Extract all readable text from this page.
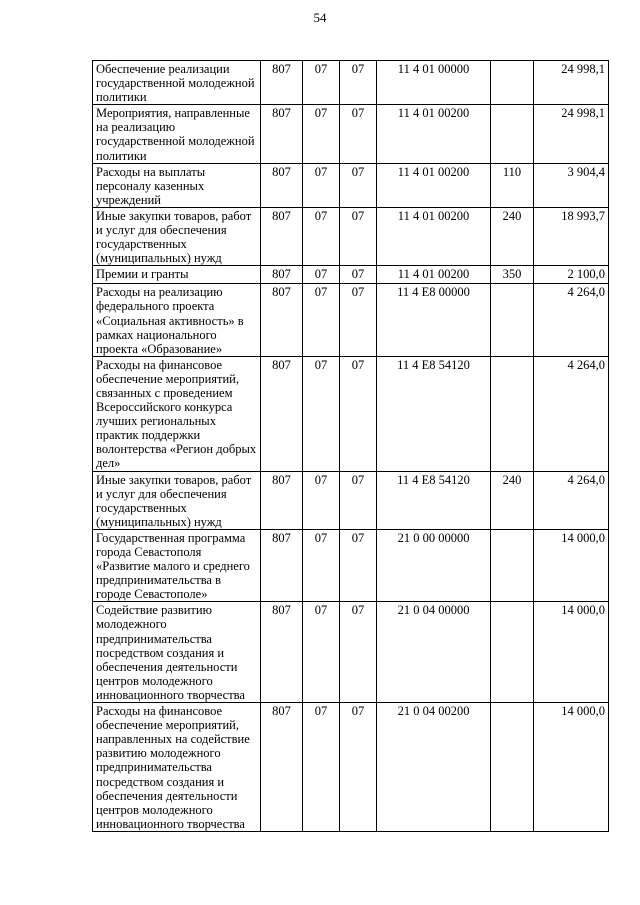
54
Обеспечение реализации государственной молодежной политики	807	07	07	11 4 01 00000		24 998,1
Мероприятия, направленные на реализацию государственной молодежной политики	807	07	07	11 4 01 00200		24 998,1
Расходы на выплаты персоналу казенных учреждений	807	07	07	11 4 01 00200	110	3 904,4
Иные закупки товаров, работ и услуг для обеспечения государственных (муниципальных) нужд	807	07	07	11 4 01 00200	240	18 993,7
Премии и гранты	807	07	07	11 4 01 00200	350	2 100,0
Расходы на реализацию федерального проекта «Социальная активность» в рамках национального проекта «Образование»	807	07	07	11 4 E8 00000		4 264,0
Расходы на финансовое обеспечение мероприятий, связанных с проведением Всероссийского конкурса лучших региональных практик поддержки волонтерства «Регион добрых дел»	807	07	07	11 4 E8 54120		4 264,0
Иные закупки товаров, работ и услуг для обеспечения государственных (муниципальных) нужд	807	07	07	11 4 E8 54120	240	4 264,0
Государственная программа города Севастополя «Развитие малого и среднего предпринимательства в городе Севастополе»	807	07	07	21 0 00 00000		14 000,0
Содействие развитию молодежного предпринимательства посредством создания и обеспечения деятельности центров молодежного инновационного творчества	807	07	07	21 0 04 00000		14 000,0
Расходы на финансовое обеспечение мероприятий, направленных на содействие развитию молодежного предпринимательства посредством создания и обеспечения деятельности центров молодежного инновационного творчества	807	07	07	21 0 04 00200		14 000,0
